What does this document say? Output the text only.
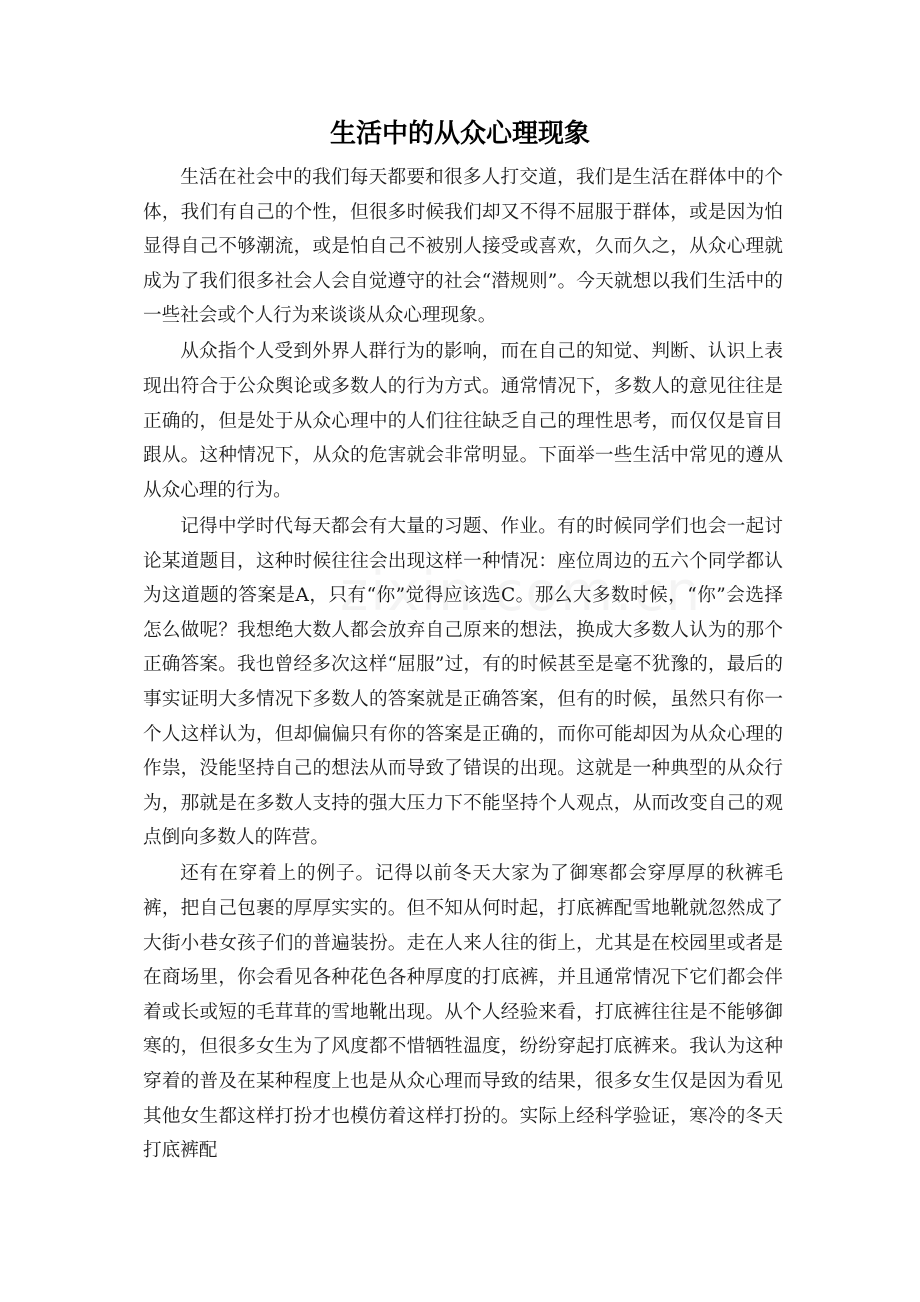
生活中的从众心理现象

生活在社会中的我们每天都要和很多人打交道，我们是生活在群体中的个体，我们有自己的个性，但很多时候我们却又不得不屈服于群体，或是因为怕显得自己不够潮流，或是怕自己不被别人接受或喜欢，久而久之，从众心理就成为了我们很多社会人会自觉遵守的社会“潜规则”。今天就想以我们生活中的一些社会或个人行为来谈谈从众心理现象。

从众指个人受到外界人群行为的影响，而在自己的知觉、判断、认识上表现出符合于公众舆论或多数人的行为方式。通常情况下，多数人的意见往往是正确的，但是处于从众心理中的人们往往缺乏自己的理性思考，而仅仅是盲目跟从。这种情况下，从众的危害就会非常明显。下面举一些生活中常见的遵从从众心理的行为。

记得中学时代每天都会有大量的习题、作业。有的时候同学们也会一起讨论某道题目，这种时候往往会出现这样一种情况：座位周边的五六个同学都认为这道题的答案是A，只有“你”觉得应该选C。那么大多数时候，“你”会选择怎么做呢？我想绝大数人都会放弃自己原来的想法，换成大多数人认为的那个正确答案。我也曾经多次这样“屈服”过，有的时候甚至是毫不犹豫的，最后的事实证明大多情况下多数人的答案就是正确答案，但有的时候，虽然只有你一个人这样认为，但却偏偏只有你的答案是正确的，而你可能却因为从众心理的作祟，没能坚持自己的想法从而导致了错误的出现。这就是一种典型的从众行为，那就是在多数人支持的强大压力下不能坚持个人观点，从而改变自己的观点倒向多数人的阵营。

还有在穿着上的例子。记得以前冬天大家为了御寒都会穿厚厚的秋裤毛裤，把自己包裹的厚厚实实的。但不知从何时起，打底裤配雪地靴就忽然成了大街小巷女孩子们的普遍装扮。走在人来人往的街上，尤其是在校园里或者是在商场里，你会看见各种花色各种厚度的打底裤，并且通常情况下它们都会伴着或长或短的毛茸茸的雪地靴出现。从个人经验来看，打底裤往往是不能够御寒的，但很多女生为了风度都不惜牺牲温度，纷纷穿起打底裤来。我认为这种穿着的普及在某种程度上也是从众心理而导致的结果，很多女生仅是因为看见其他女生都这样打扮才也模仿着这样打扮的。实际上经科学验证，寒冷的冬天打底裤配
